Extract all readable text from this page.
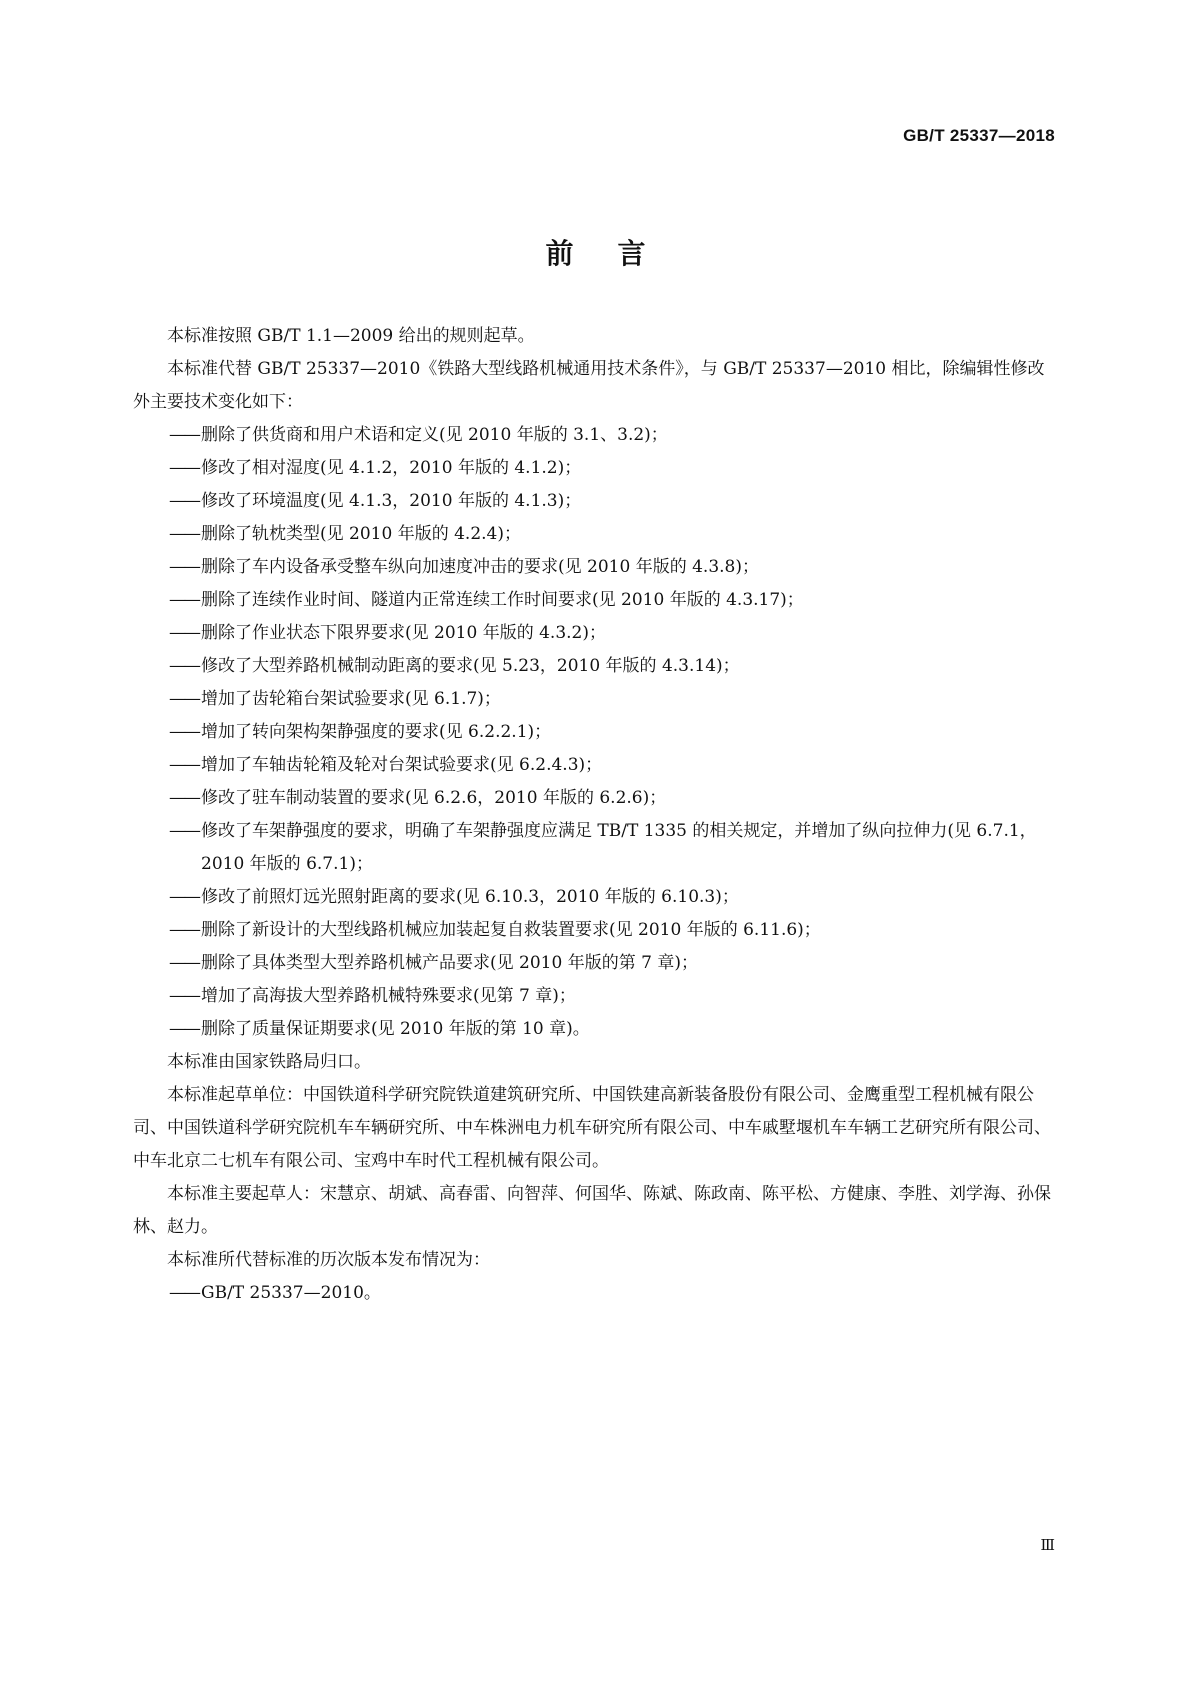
GB/T 25337—2018
前言

本标准按照 GB/T 1.1—2009 给出的规则起草。

本标准代替 GB/T 25337—2010《铁路大型线路机械通用技术条件》，与 GB/T 25337—2010 相比，除编辑性修改外主要技术变化如下：

—— 删除了供货商和用户术语和定义(见 2010 年版的 3.1、3.2)；

—— 修改了相对湿度(见 4.1.2，2010 年版的 4.1.2)；

—— 修改了环境温度(见 4.1.3，2010 年版的 4.1.3)；

—— 删除了轨枕类型(见 2010 年版的 4.2.4)；

—— 删除了车内设备承受整车纵向加速度冲击的要求(见 2010 年版的 4.3.8)；

—— 删除了连续作业时间、隧道内正常连续工作时间要求(见 2010 年版的 4.3.17)；

—— 删除了作业状态下限界要求(见 2010 年版的 4.3.2)；

—— 修改了大型养路机械制动距离的要求(见 5.23，2010 年版的 4.3.14)；

—— 增加了齿轮箱台架试验要求(见 6.1.7)；

—— 增加了转向架构架静强度的要求(见 6.2.2.1)；

—— 增加了车轴齿轮箱及轮对台架试验要求(见 6.2.4.3)；

—— 修改了驻车制动装置的要求(见 6.2.6，2010 年版的 6.2.6)；

—— 修改了车架静强度的要求，明确了车架静强度应满足 TB/T 1335 的相关规定，并增加了纵向拉伸力(见 6.7.1，2010 年版的 6.7.1)；

—— 修改了前照灯远光照射距离的要求(见 6.10.3，2010 年版的 6.10.3)；

—— 删除了新设计的大型线路机械应加装起复自救装置要求(见 2010 年版的 6.11.6)；

—— 删除了具体类型大型养路机械产品要求(见 2010 年版的第 7 章)；

—— 增加了高海拔大型养路机械特殊要求(见第 7 章)；

—— 删除了质量保证期要求(见 2010 年版的第 10 章)。

本标准由国家铁路局归口。

本标准起草单位：中国铁道科学研究院铁道建筑研究所、中国铁建高新装备股份有限公司、金鹰重型工程机械有限公司、中国铁道科学研究院机车车辆研究所、中车株洲电力机车研究所有限公司、中车戚墅堰机车车辆工艺研究所有限公司、中车北京二七机车有限公司、宝鸡中车时代工程机械有限公司。

本标准主要起草人：宋慧京、胡斌、高春雷、向智萍、何国华、陈斌、陈政南、陈平松、方健康、李胜、刘学海、孙保林、赵力。

本标准所代替标准的历次版本发布情况为：

—— GB/T 25337—2010。

Ⅲ
